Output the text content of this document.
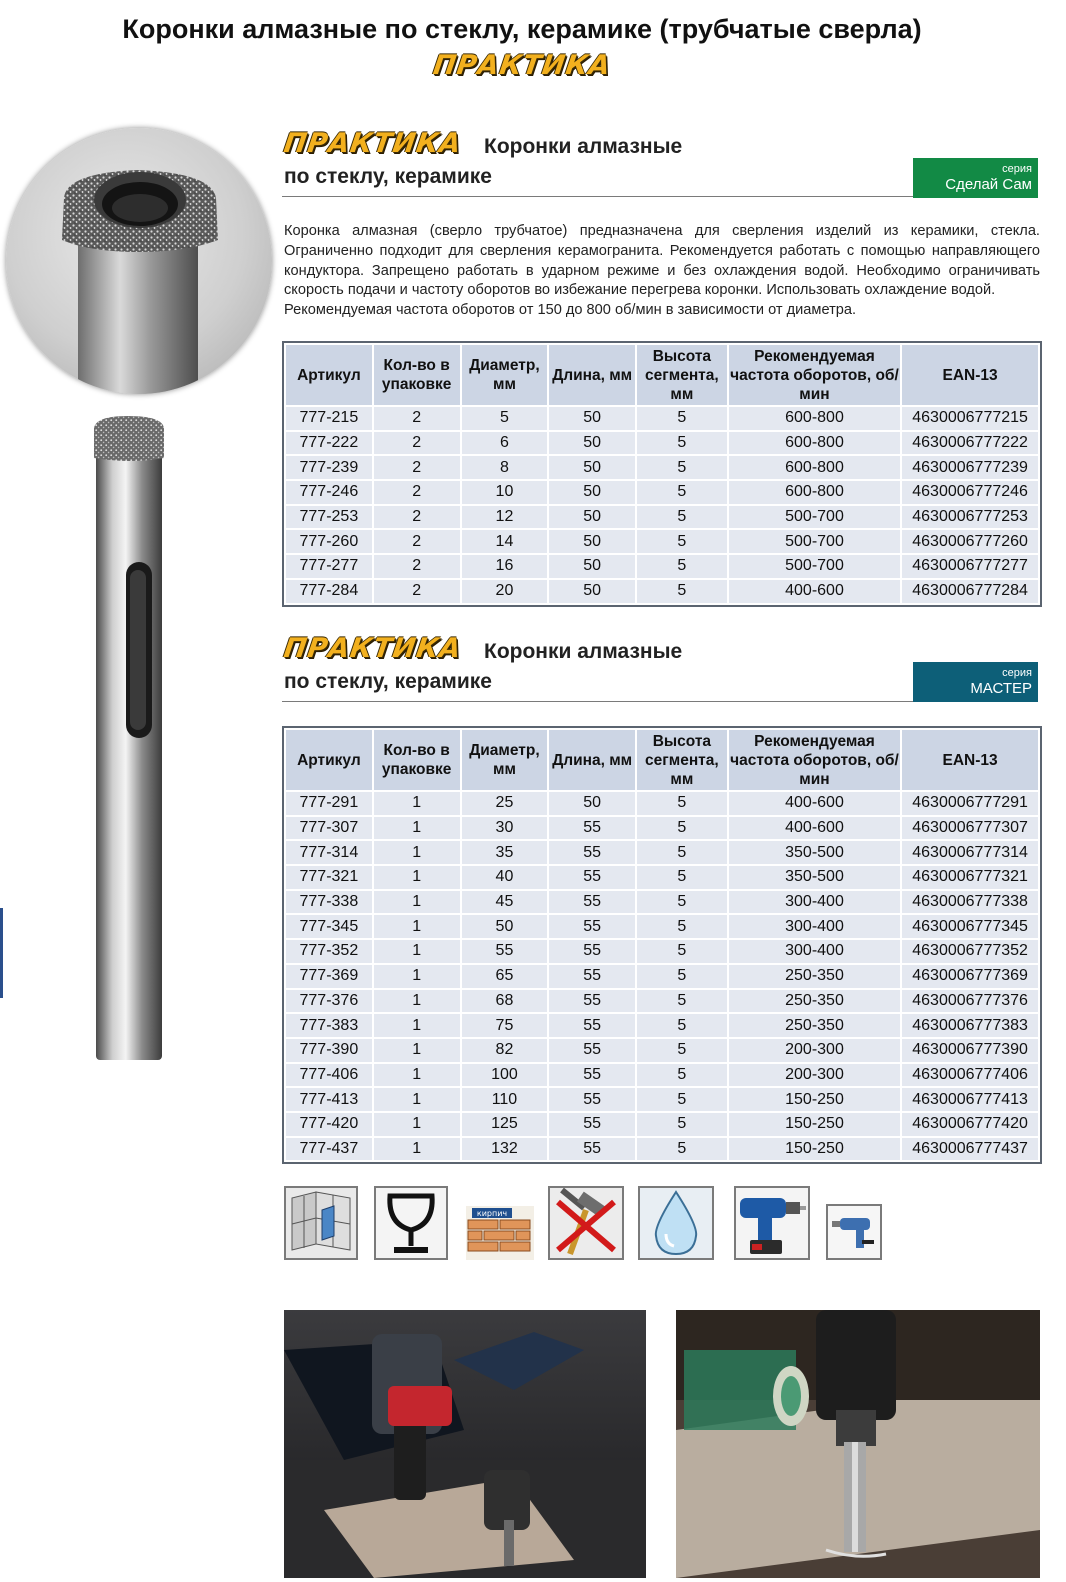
Коронки алмазные по стеклу, керамике (трубчатые сверла)
ПРАКТИКА
ПРАКТИКА Коронки алмазные
по стеклу, керамике	серия
Сделай Сам

Коронка алмазная (сверло трубчатое) предназначена для сверления изделий из керамики, стекла. Ограниченно подходит для сверления керамогранита. Рекомендуется работать с помощью направляющего кондуктора. Запрещено работать в ударном режиме и без охлаждения водой. Необходимо ограничивать скорость подачи и частоту оборотов во избежание перегрева коронки. Использовать охлаждение водой.

Рекомендуемая частота оборотов от 150 до 800 об/мин в зависимости от диаметра.

Артикул	Кол-во в упаковке	Диаметр, мм	Длина, мм	Высота сегмента, мм	Рекомендуемая частота оборотов, об/мин	EAN-13
777-215	2	5	50	5	600-800	4630006777215
777-222	2	6	50	5	600-800	4630006777222
777-239	2	8	50	5	600-800	4630006777239
777-246	2	10	50	5	600-800	4630006777246
777-253	2	12	50	5	500-700	4630006777253
777-260	2	14	50	5	500-700	4630006777260
777-277	2	16	50	5	500-700	4630006777277
777-284	2	20	50	5	400-600	4630006777284
ПРАКТИКА Коронки алмазные
по стеклу, керамике	серия
МАСТЕР
Артикул	Кол-во в упаковке	Диаметр, мм	Длина, мм	Высота сегмента, мм	Рекомендуемая частота оборотов, об/мин	EAN-13
777-291	1	25	50	5	400-600	4630006777291
777-307	1	30	55	5	400-600	4630006777307
777-314	1	35	55	5	350-500	4630006777314
777-321	1	40	55	5	350-500	4630006777321
777-338	1	45	55	5	300-400	4630006777338
777-345	1	50	55	5	300-400	4630006777345
777-352	1	55	55	5	300-400	4630006777352
777-369	1	65	55	5	250-350	4630006777369
777-376	1	68	55	5	250-350	4630006777376
777-383	1	75	55	5	250-350	4630006777383
777-390	1	82	55	5	200-300	4630006777390
777-406	1	100	55	5	200-300	4630006777406
777-413	1	110	55	5	150-250	4630006777413
777-420	1	125	55	5	150-250	4630006777420
777-437	1	132	55	5	150-250	4630006777437
кирпич
